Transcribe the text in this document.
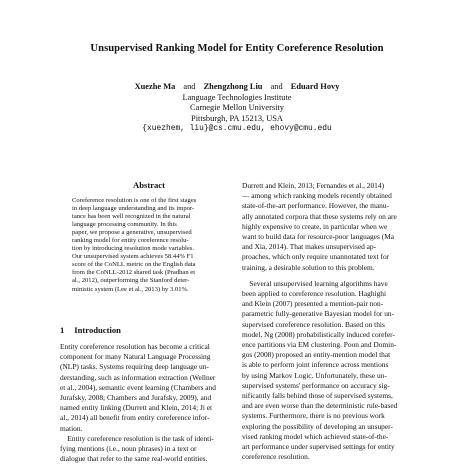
Unsupervised Ranking Model for Entity Coreference Resolution
Xuezhe Ma and Zhengzhong Liu and Eduard Hovy
Language Technologies Institute
Carnegie Mellon University
Pittsburgh, PA 15213, USA
{xuezhem, liu}@cs.cmu.edu, ehovy@cmu.edu
Abstract
Coreference resolution is one of the first stages
in deep language understanding and its impor-
tance has been well recognized in the natural
language processing community. In this
paper, we propose a generative, unsupervised
ranking model for entity coreference resolu-
tion by introducing resolution mode variables.
Our unsupervised system achieves 58.44% F1
score of the CoNLL metric on the English data
from the CoNLL-2012 shared task (Pradhan et
al., 2012), outperforming the Stanford deter-
ministic system (Lee et al., 2013) by 3.01%.
1 Introduction
Entity coreference resolution has become a critical
component for many Natural Language Processing
(NLP) tasks. Systems requiring deep language un-
derstanding, such as information extraction (Wellner
et al., 2004), semantic event learning (Chambers and
Jurafsky, 2008; Chambers and Jurafsky, 2009), and
named entity linking (Durrett and Klein, 2014; Ji et
al., 2014) all benefit from entity coreference infor-
mation.
Entity coreference resolution is the task of identi-
fying mentions (i.e., noun phrases) in a text or
dialogue that refer to the same real-world entities.
Durrett and Klein, 2013; Fernandes et al., 2014)
— among which ranking models recently obtained
state-of-the-art performance. However, the manu-
ally annotated corpora that these systems rely on are
highly expensive to create, in particular when we
want to build data for resource-poor languages (Ma
and Xia, 2014). That makes unsupervised ap-
proaches, which only require unannotated text for
training, a desirable solution to this problem.
Several unsupervised learning algorithms have
been applied to coreference resolution. Haghighi
and Klein (2007) presented a mention-pair non-
parametric fully-generative Bayesian model for un-
supervised coreference resolution. Based on this
model, Ng (2008) probabilistically induced corefer-
ence partitions via EM clustering. Poon and Domin-
gos (2008) proposed an entity-mention model that
is able to perform joint inference across mentions
by using Markov Logic. Unfortunately, these un-
supervised systems' performance on accuracy sig-
nificantly falls behind those of supervised systems,
and are even worse than the deterministic rule-based
systems. Furthermore, there is no previous work
exploring the possibility of developing an unsuper-
vised ranking model which achieved state-of-the-
art performance under supervised settings for entity
coreference resolution.
